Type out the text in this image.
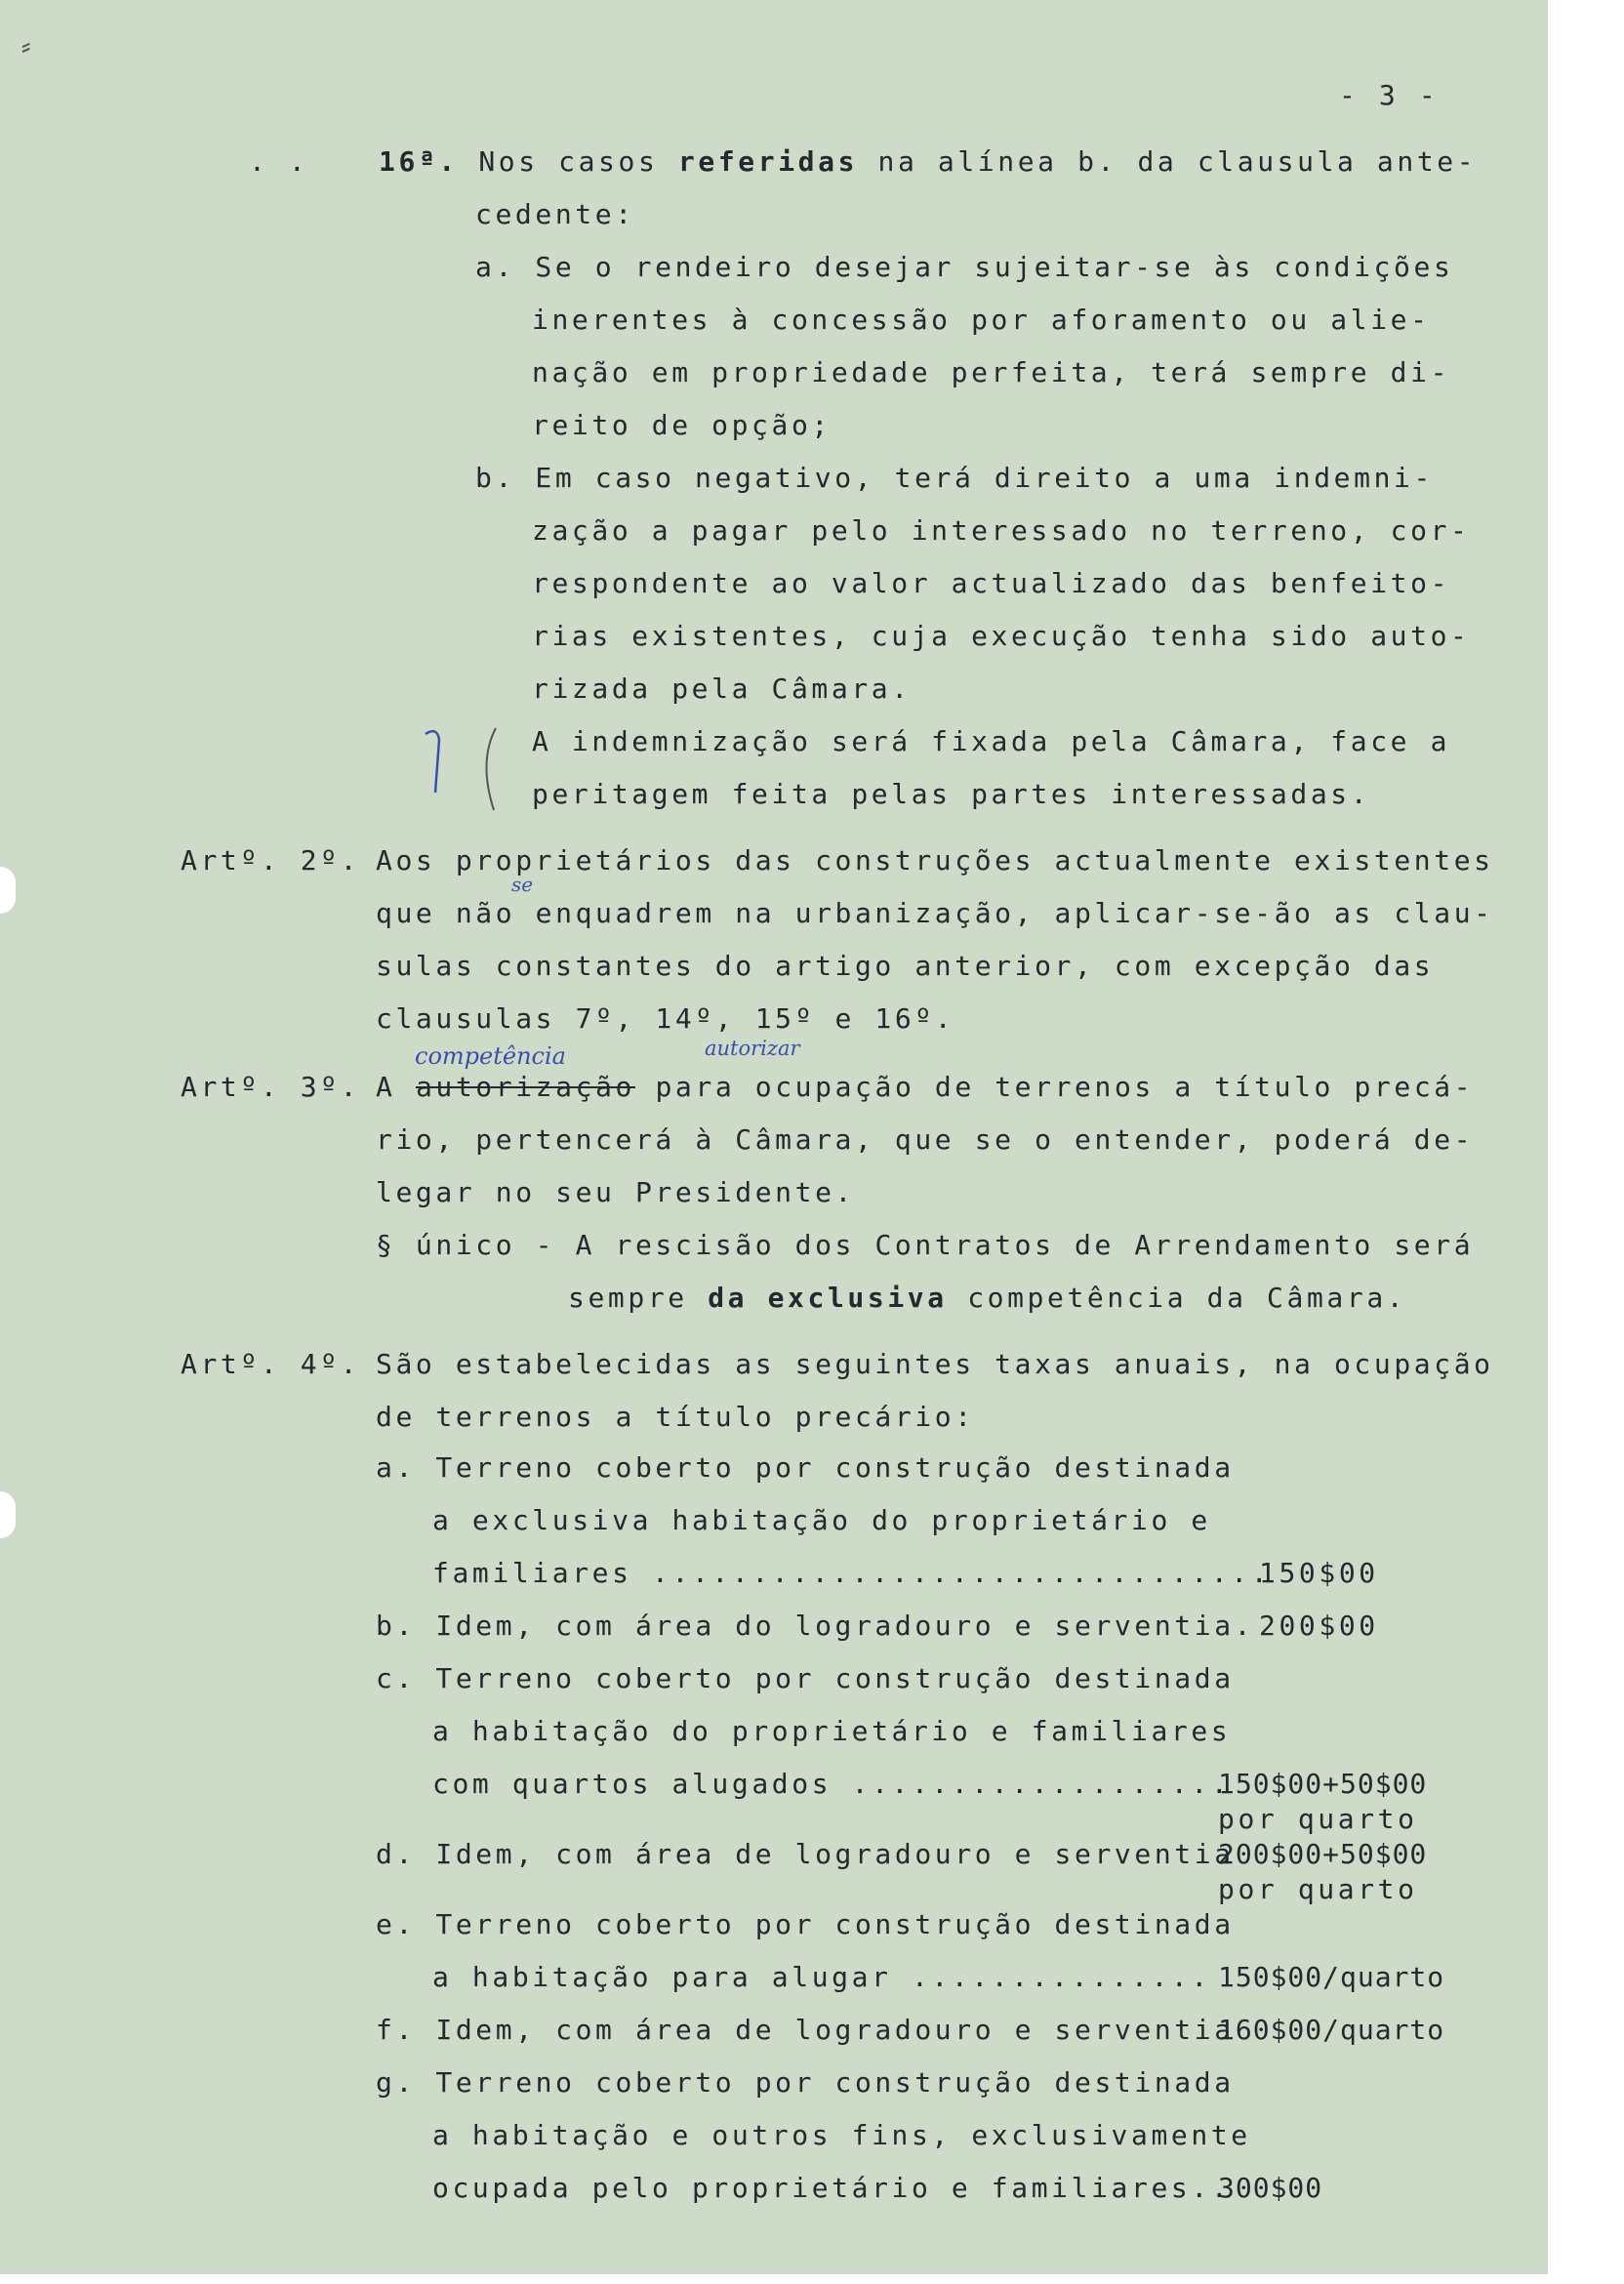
⸗
- 3 -
. .	16ª. Nos casos referidas na alínea b. da clausula ante-
cedente:
a. Se o rendeiro desejar sujeitar-se às condições
inerentes à concessão por aforamento ou alie-
nação em propriedade perfeita, terá sempre di-
reito de opção;
b. Em caso negativo, terá direito a uma indemni-
zação a pagar pelo interessado no terreno, cor-
respondente ao valor actualizado das benfeito-
rias existentes, cuja execução tenha sido auto-
rizada pela Câmara.
A indemnização será fixada pela Câmara, face a
peritagem feita pelas partes interessadas.
Artº. 2º. Aos proprietários das construções actualmente existentes
se
que não enquadrem na urbanização, aplicar-se-ão as clau-
sulas constantes do artigo anterior, com excepção das
clausulas 7º, 14º, 15º e 16º.
competência	autorizar
Artº. 3º. A autorização para ocupação de terrenos a título precá-
rio, pertencerá à Câmara, que se o entender, poderá de-
legar no seu Presidente.
§ único - A rescisão dos Contratos de Arrendamento será
sempre da exclusiva competência da Câmara.
Artº. 4º. São estabelecidas as seguintes taxas anuais, na ocupação
de terrenos a título precário:
a. Terreno coberto por construção destinada
a exclusiva habitação do proprietário e
familiares ...............................
150$00
b. Idem, com área do logradouro e serventia. 200$00
c. Terreno coberto por construção destinada
a habitação do proprietário e familiares
com quartos alugados ...................
150$00+50$00
por quarto
d. Idem, com área de logradouro e serventia
200$00+50$00
por quarto
e. Terreno coberto por construção destinada
a habitação para alugar ............... 150$00/quarto
f. Idem, com área de logradouro e serventia
160$00/quarto
g. Terreno coberto por construção destinada
a habitação e outros fins, exclusivamente
ocupada pelo proprietário e familiares..
300$00
